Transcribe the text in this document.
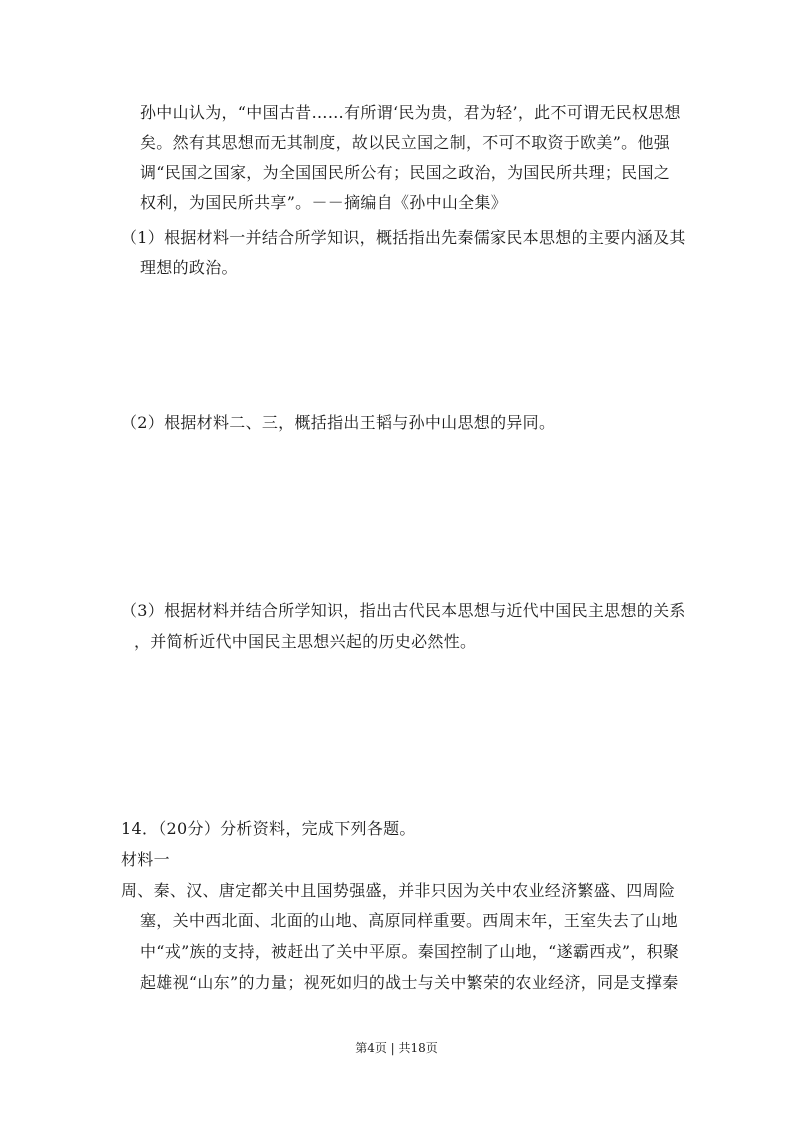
孙中山认为，“中国古昔……有所谓‘民为贵，君为轻’，此不可谓无民权思想
矣。然有其思想而无其制度，故以民立国之制，不可不取资于欧美”。他强
调“民国之国家，为全国国民所公有；民国之政治，为国民所共理；民国之
权利，为国民所共享”。－－摘编自《孙中山全集》
（1）根据材料一并结合所学知识，概括指出先秦儒家民本思想的主要内涵及其
理想的政治。
（2）根据材料二、三，概括指出王韬与孙中山思想的异同。
（3）根据材料并结合所学知识，指出古代民本思想与近代中国民主思想的关系
，并简析近代中国民主思想兴起的历史必然性。
14．（20分）分析资料，完成下列各题。
材料一
周、秦、汉、唐定都关中且国势强盛，并非只因为关中农业经济繁盛、四周险
塞，关中西北面、北面的山地、高原同样重要。西周末年，王室失去了山地
中“戎”族的支持，被赶出了关中平原。秦国控制了山地，“遂霸西戎”，积聚
起雄视“山东”的力量；视死如归的战士与关中繁荣的农业经济，同是支撑秦
第4页 | 共18页
